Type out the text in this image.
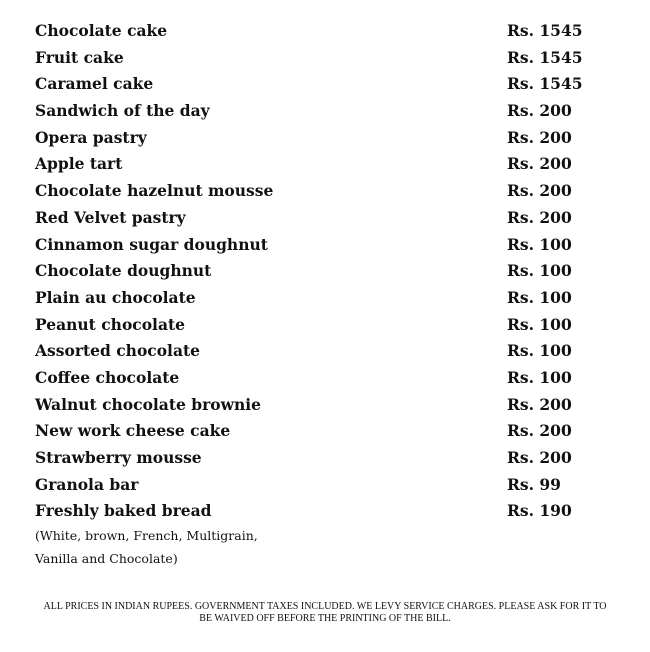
Chocolate cake	Rs. 1545
Fruit cake	Rs. 1545
Caramel cake	Rs. 1545
Sandwich of the day	Rs. 200
Opera pastry	Rs. 200
Apple tart	Rs. 200
Chocolate hazelnut mousse	Rs. 200
Red Velvet pastry	Rs. 200
Cinnamon sugar doughnut	Rs. 100
Chocolate doughnut	Rs. 100
Plain au chocolate	Rs. 100
Peanut chocolate	Rs. 100
Assorted chocolate	Rs. 100
Coffee chocolate	Rs. 100
Walnut chocolate brownie	Rs. 200
New work cheese cake	Rs. 200
Strawberry mousse	Rs. 200
Granola bar	Rs. 99
Freshly baked bread	Rs. 190
(White, brown, French, Multigrain,
Vanilla and Chocolate)
ALL PRICES IN INDIAN RUPEES. GOVERNMENT TAXES INCLUDED. WE LEVY SERVICE CHARGES. PLEASE ASK FOR IT TO
BE WAIVED OFF BEFORE THE PRINTING OF THE BILL.
